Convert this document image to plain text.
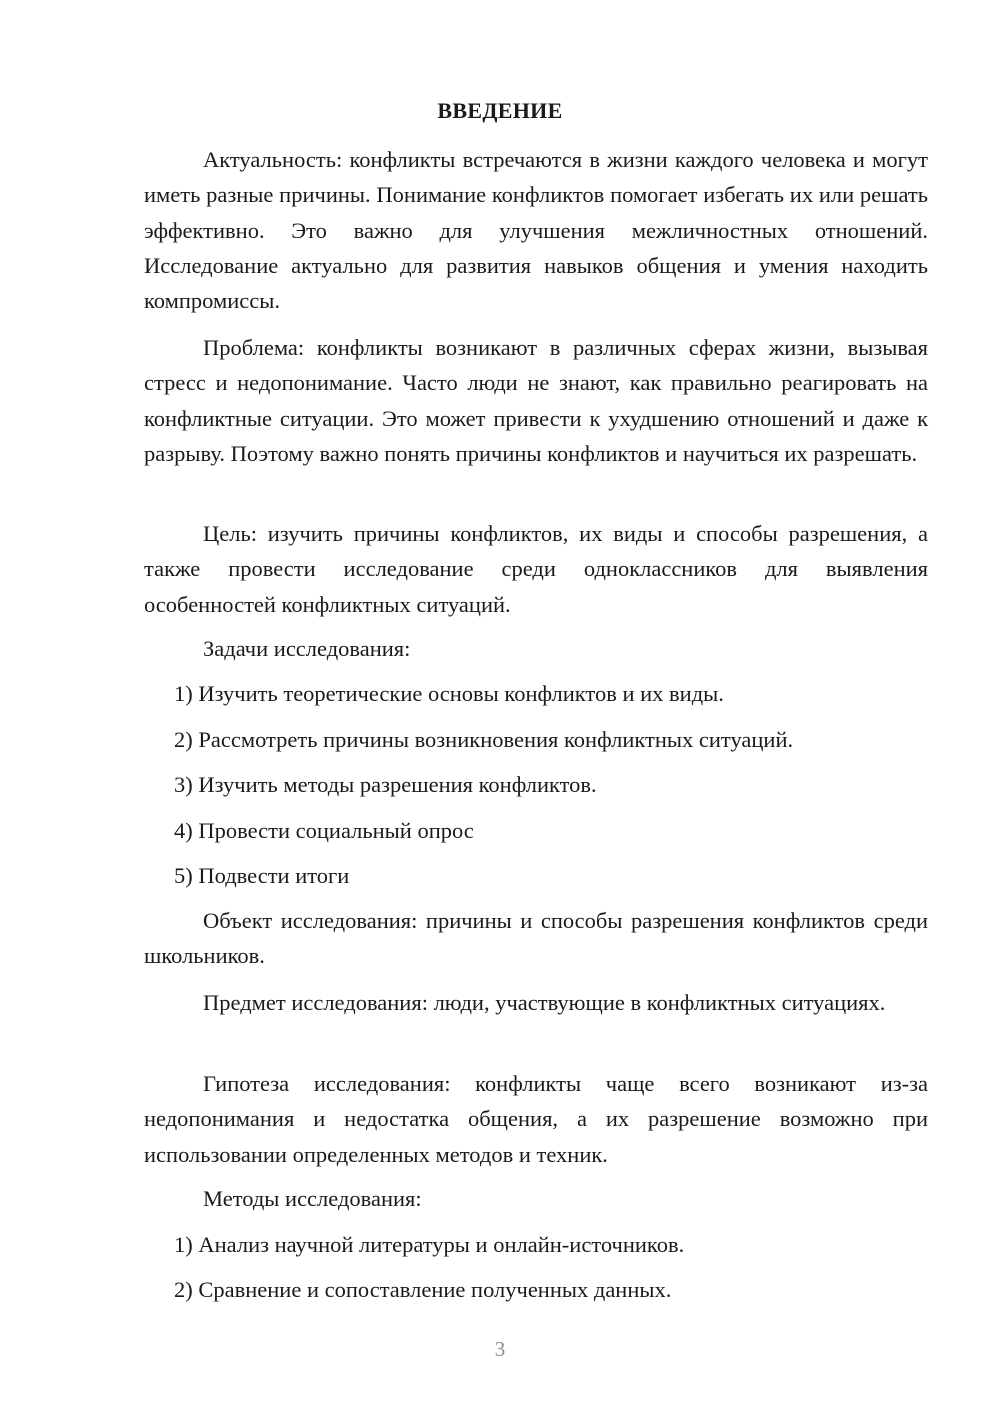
ВВЕДЕНИЕ

Актуальность: конфликты встречаются в жизни каждого человека и могут иметь разные причины. Понимание конфликтов помогает избегать их или решать эффективно. Это важно для улучшения межличностных отношений. Исследование актуально для развития навыков общения и умения находить компромиссы.

Проблема: конфликты возникают в различных сферах жизни, вызывая стресс и недопонимание. Часто люди не знают, как правильно реагировать на конфликтные ситуации. Это может привести к ухудшению отношений и даже к разрыву. Поэтому важно понять причины конфликтов и научиться их разрешать.

Цель: изучить причины конфликтов, их виды и способы разрешения, а также провести исследование среди одноклассников для выявления особенностей конфликтных ситуаций.

Задачи исследования:

1) Изучить теоретические основы конфликтов и их виды.

2) Рассмотреть причины возникновения конфликтных ситуаций.

3) Изучить методы разрешения конфликтов.

4) Провести социальный опрос

5) Подвести итоги

Объект исследования: причины и способы разрешения конфликтов среди школьников.

Предмет исследования: люди, участвующие в конфликтных ситуациях.

Гипотеза исследования: конфликты чаще всего возникают из-за недопонимания и недостатка общения, а их разрешение возможно при использовании определенных методов и техник.

Методы исследования:

1) Анализ научной литературы и онлайн-источников.

2) Сравнение и сопоставление полученных данных.

3
